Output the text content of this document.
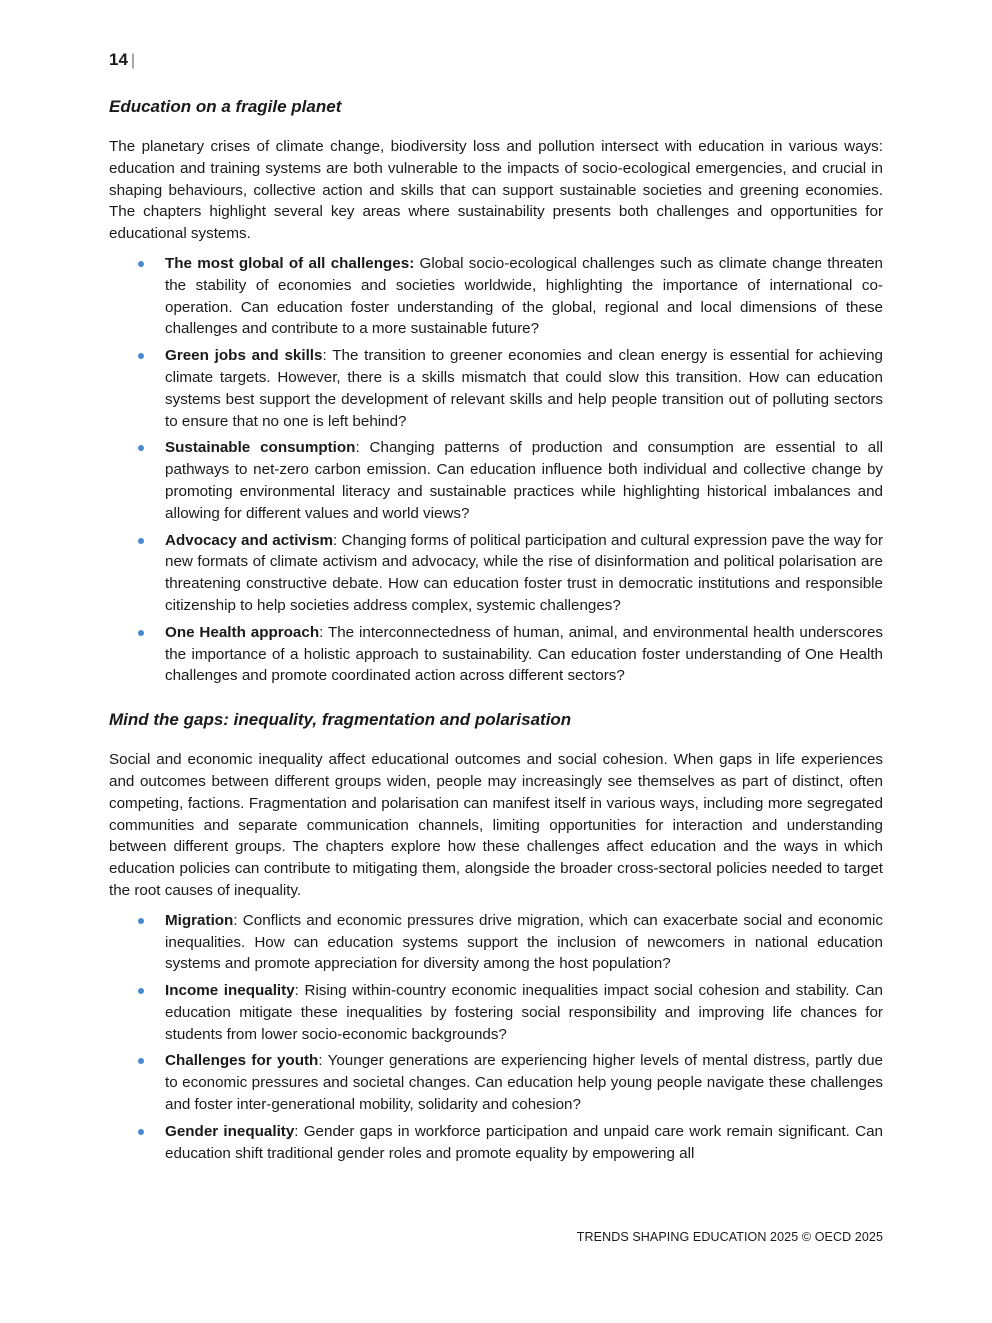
14 |
Education on a fragile planet

The planetary crises of climate change, biodiversity loss and pollution intersect with education in various ways: education and training systems are both vulnerable to the impacts of socio-ecological emergencies, and crucial in shaping behaviours, collective action and skills that can support sustainable societies and greening economies. The chapters highlight several key areas where sustainability presents both challenges and opportunities for educational systems.

The most global of all challenges: Global socio-ecological challenges such as climate change threaten the stability of economies and societies worldwide, highlighting the importance of international co-operation. Can education foster understanding of the global, regional and local dimensions of these challenges and contribute to a more sustainable future?
Green jobs and skills: The transition to greener economies and clean energy is essential for achieving climate targets. However, there is a skills mismatch that could slow this transition. How can education systems best support the development of relevant skills and help people transition out of polluting sectors to ensure that no one is left behind?
Sustainable consumption: Changing patterns of production and consumption are essential to all pathways to net-zero carbon emission. Can education influence both individual and collective change by promoting environmental literacy and sustainable practices while highlighting historical imbalances and allowing for different values and world views?
Advocacy and activism: Changing forms of political participation and cultural expression pave the way for new formats of climate activism and advocacy, while the rise of disinformation and political polarisation are threatening constructive debate. How can education foster trust in democratic institutions and responsible citizenship to help societies address complex, systemic challenges?
One Health approach: The interconnectedness of human, animal, and environmental health underscores the importance of a holistic approach to sustainability. Can education foster understanding of One Health challenges and promote coordinated action across different sectors?
Mind the gaps: inequality, fragmentation and polarisation

Social and economic inequality affect educational outcomes and social cohesion. When gaps in life experiences and outcomes between different groups widen, people may increasingly see themselves as part of distinct, often competing, factions. Fragmentation and polarisation can manifest itself in various ways, including more segregated communities and separate communication channels, limiting opportunities for interaction and understanding between different groups. The chapters explore how these challenges affect education and the ways in which education policies can contribute to mitigating them, alongside the broader cross-sectoral policies needed to target the root causes of inequality.

Migration: Conflicts and economic pressures drive migration, which can exacerbate social and economic inequalities. How can education systems support the inclusion of newcomers in national education systems and promote appreciation for diversity among the host population?
Income inequality: Rising within-country economic inequalities impact social cohesion and stability. Can education mitigate these inequalities by fostering social responsibility and improving life chances for students from lower socio-economic backgrounds?
Challenges for youth: Younger generations are experiencing higher levels of mental distress, partly due to economic pressures and societal changes. Can education help young people navigate these challenges and foster inter-generational mobility, solidarity and cohesion?
Gender inequality: Gender gaps in workforce participation and unpaid care work remain significant. Can education shift traditional gender roles and promote equality by empowering all
TRENDS SHAPING EDUCATION 2025 © OECD 2025
